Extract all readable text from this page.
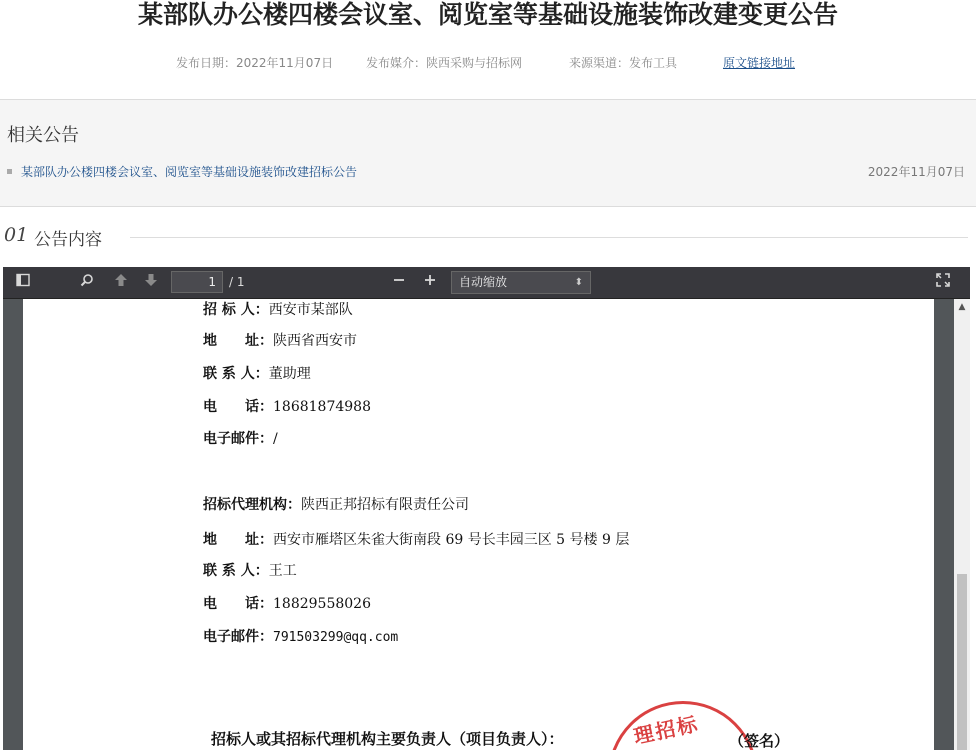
某部队办公楼四楼会议室、阅览室等基础设施装饰改建变更公告
发布日期：2022年11月07日	发布媒介：陕西采购与招标网	来源渠道：发布工具	原文链接地址
相关公告
某部队办公楼四楼会议室、阅览室等基础设施装饰改建招标公告	2022年11月07日
01 公告内容
1	/ 1	自动缩放	⬍
招 标 人：西安市某部队
地　　址：陕西省西安市
联 系 人：董助理
电　　话：18681874988
电子邮件：/
招标代理机构：陕西正邦招标有限责任公司
地　　址：西安市雁塔区朱雀大街南段 69 号长丰园三区 5 号楼 9 层
联 系 人：王工
电　　话：18829558026
电子邮件：791503299@qq.com
理招标
招标人或其招标代理机构主要负责人（项目负责人）：	（签名）
▲
